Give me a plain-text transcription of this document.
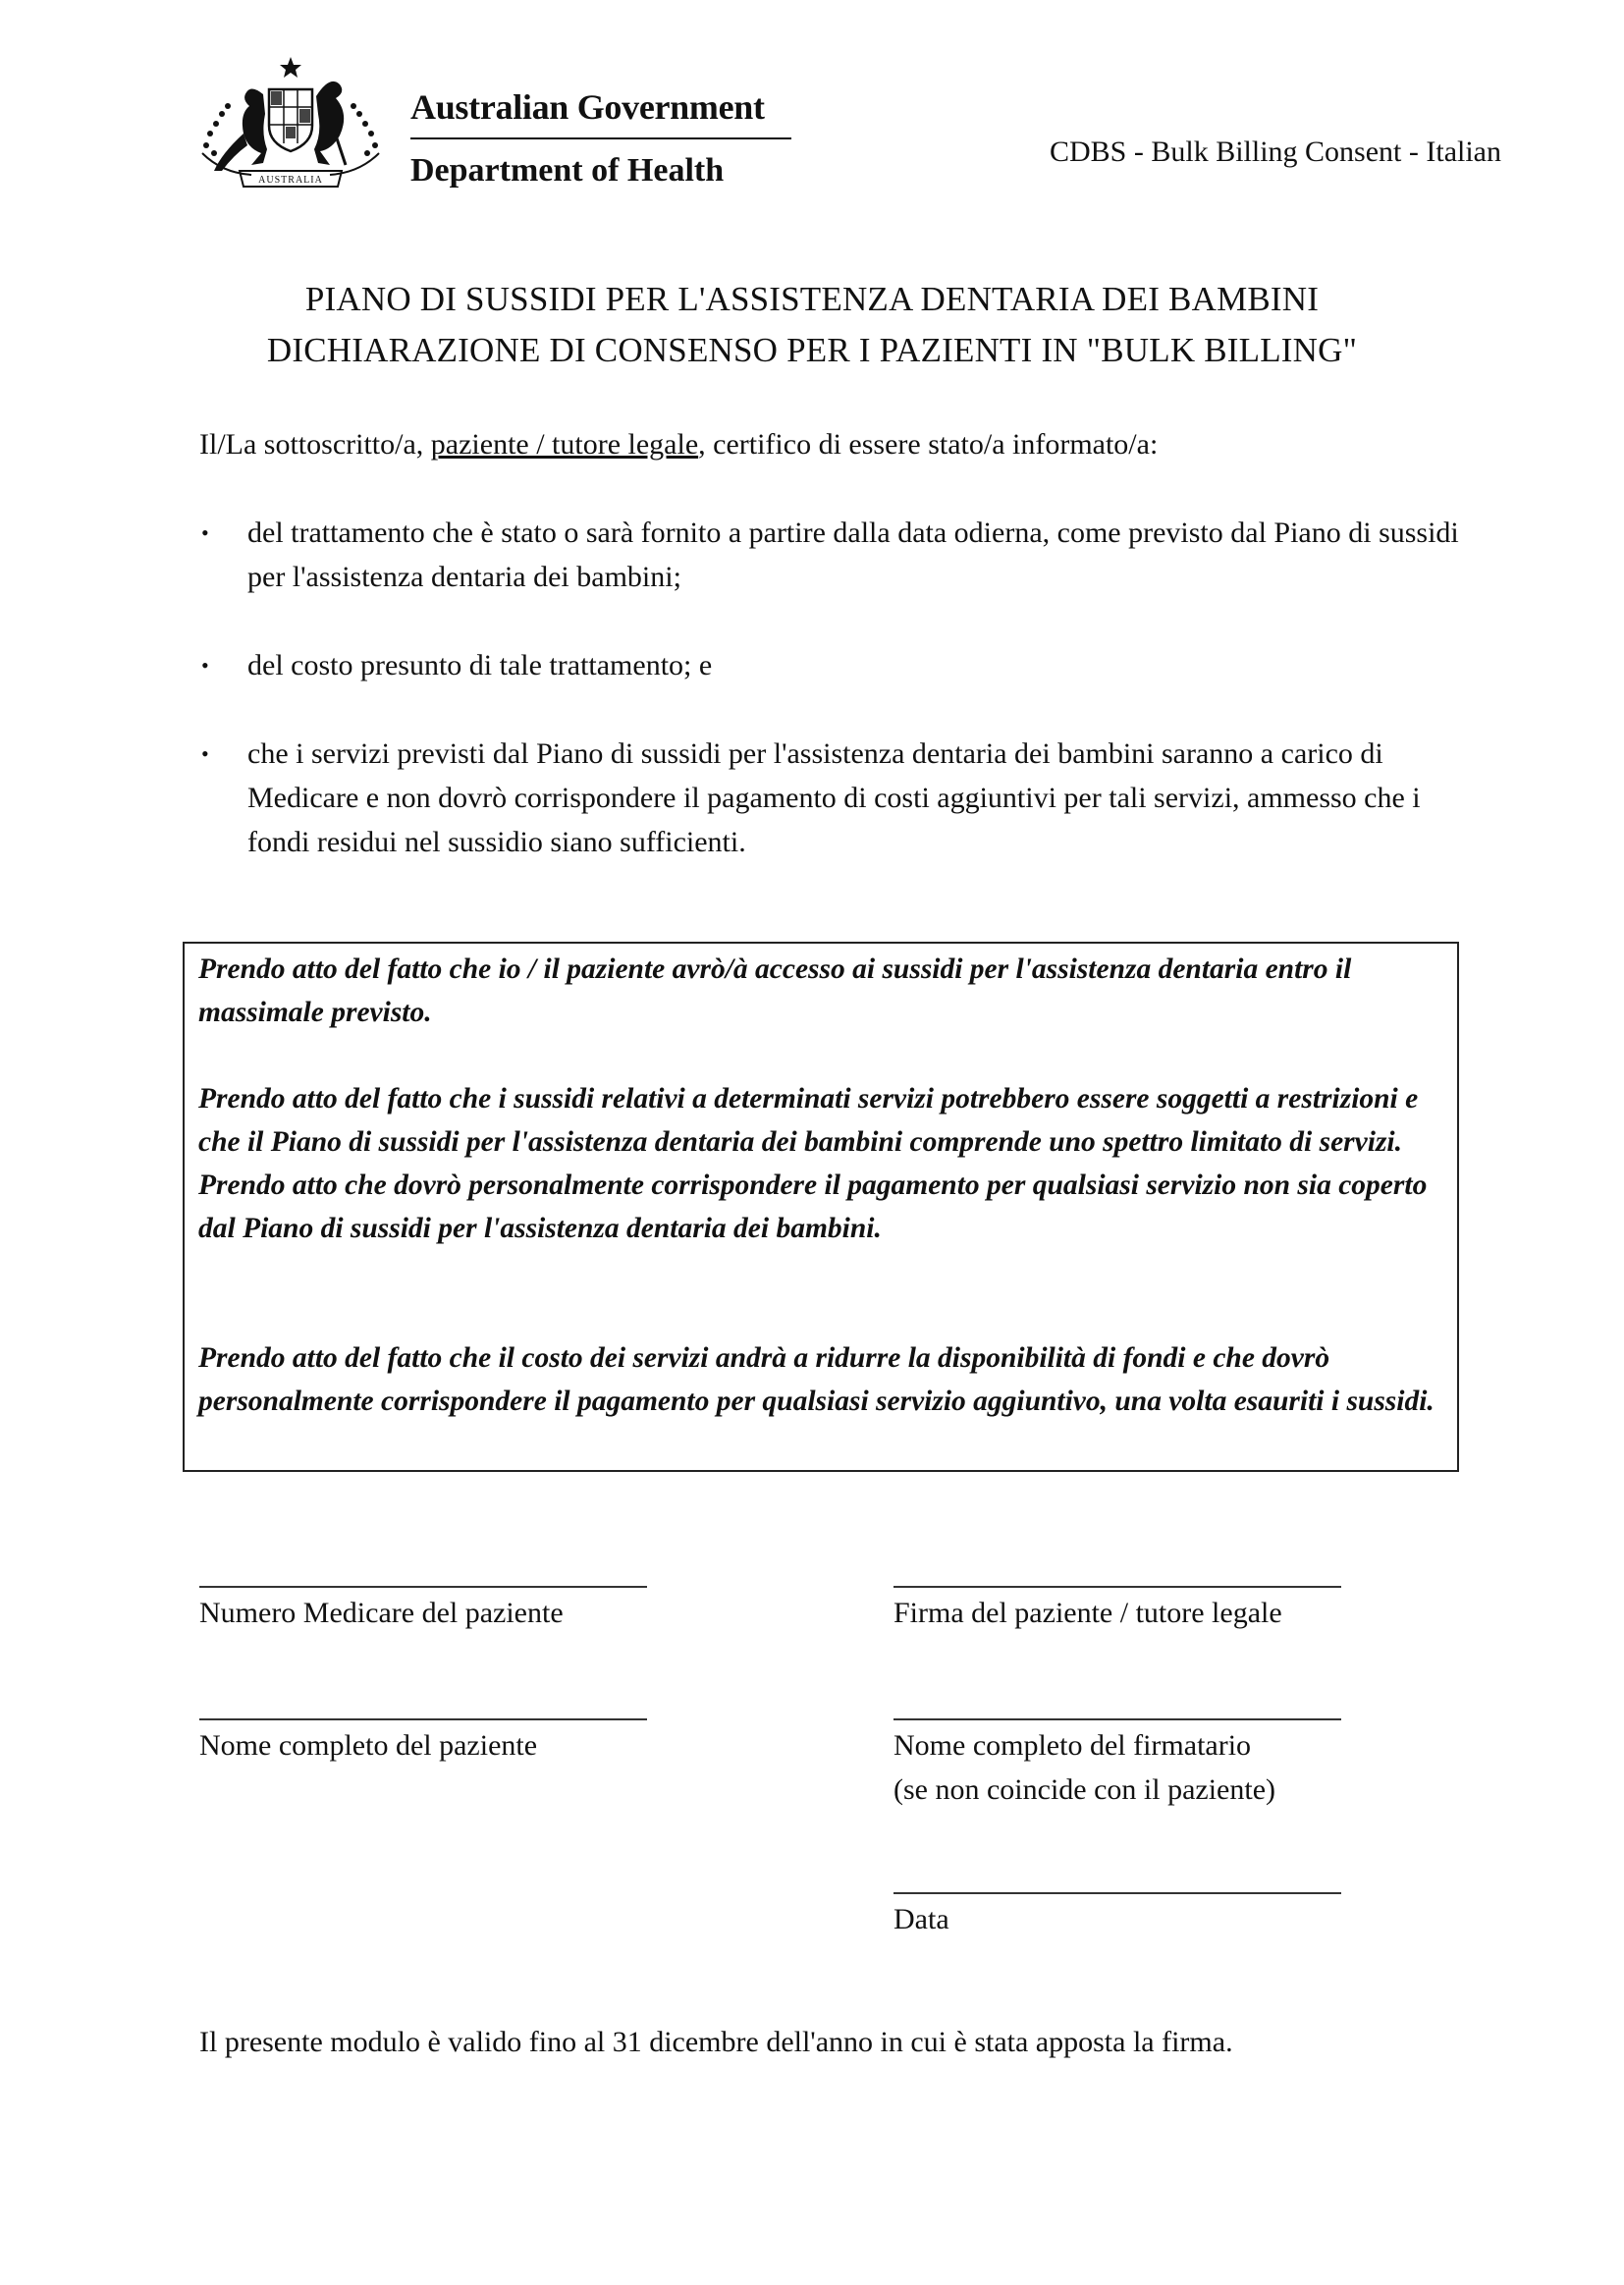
AUSTRALIA
Australian Government
Department of Health
CDBS - Bulk Billing Consent - Italian
PIANO DI SUSSIDI PER L'ASSISTENZA DENTARIA DEI BAMBINI
DICHIARAZIONE DI CONSENSO PER I PAZIENTI IN "BULK BILLING"
Il/La sottoscritto/a, paziente / tutore legale, certifico di essere stato/a informato/a:
• del trattamento che è stato o sarà fornito a partire dalla data odierna, come previsto dal Piano di sussidi per l'assistenza dentaria dei bambini;
• del costo presunto di tale trattamento; e
• che i servizi previsti dal Piano di sussidi per l'assistenza dentaria dei bambini saranno a carico di Medicare e non dovrò corrispondere il pagamento di costi aggiuntivi per tali servizi, ammesso che i fondi residui nel sussidio siano sufficienti.
Prendo atto del fatto che io / il paziente avrò/à accesso ai sussidi per l'assistenza dentaria entro il massimale previsto.
Prendo atto del fatto che i sussidi relativi a determinati servizi potrebbero essere soggetti a restrizioni e che il Piano di sussidi per l'assistenza dentaria dei bambini comprende uno spettro limitato di servizi. Prendo atto che dovrò personalmente corrispondere il pagamento per qualsiasi servizio non sia coperto dal Piano di sussidi per l'assistenza dentaria dei bambini.
Prendo atto del fatto che il costo dei servizi andrà a ridurre la disponibilità di fondi e che dovrò personalmente corrispondere il pagamento per qualsiasi servizio aggiuntivo, una volta esauriti i sussidi.
Numero Medicare del paziente	Firma del paziente / tutore legale
Nome completo del paziente	Nome completo del firmatario
(se non coincide con il paziente)
Data
Il presente modulo è valido fino al 31 dicembre dell'anno in cui è stata apposta la firma.
